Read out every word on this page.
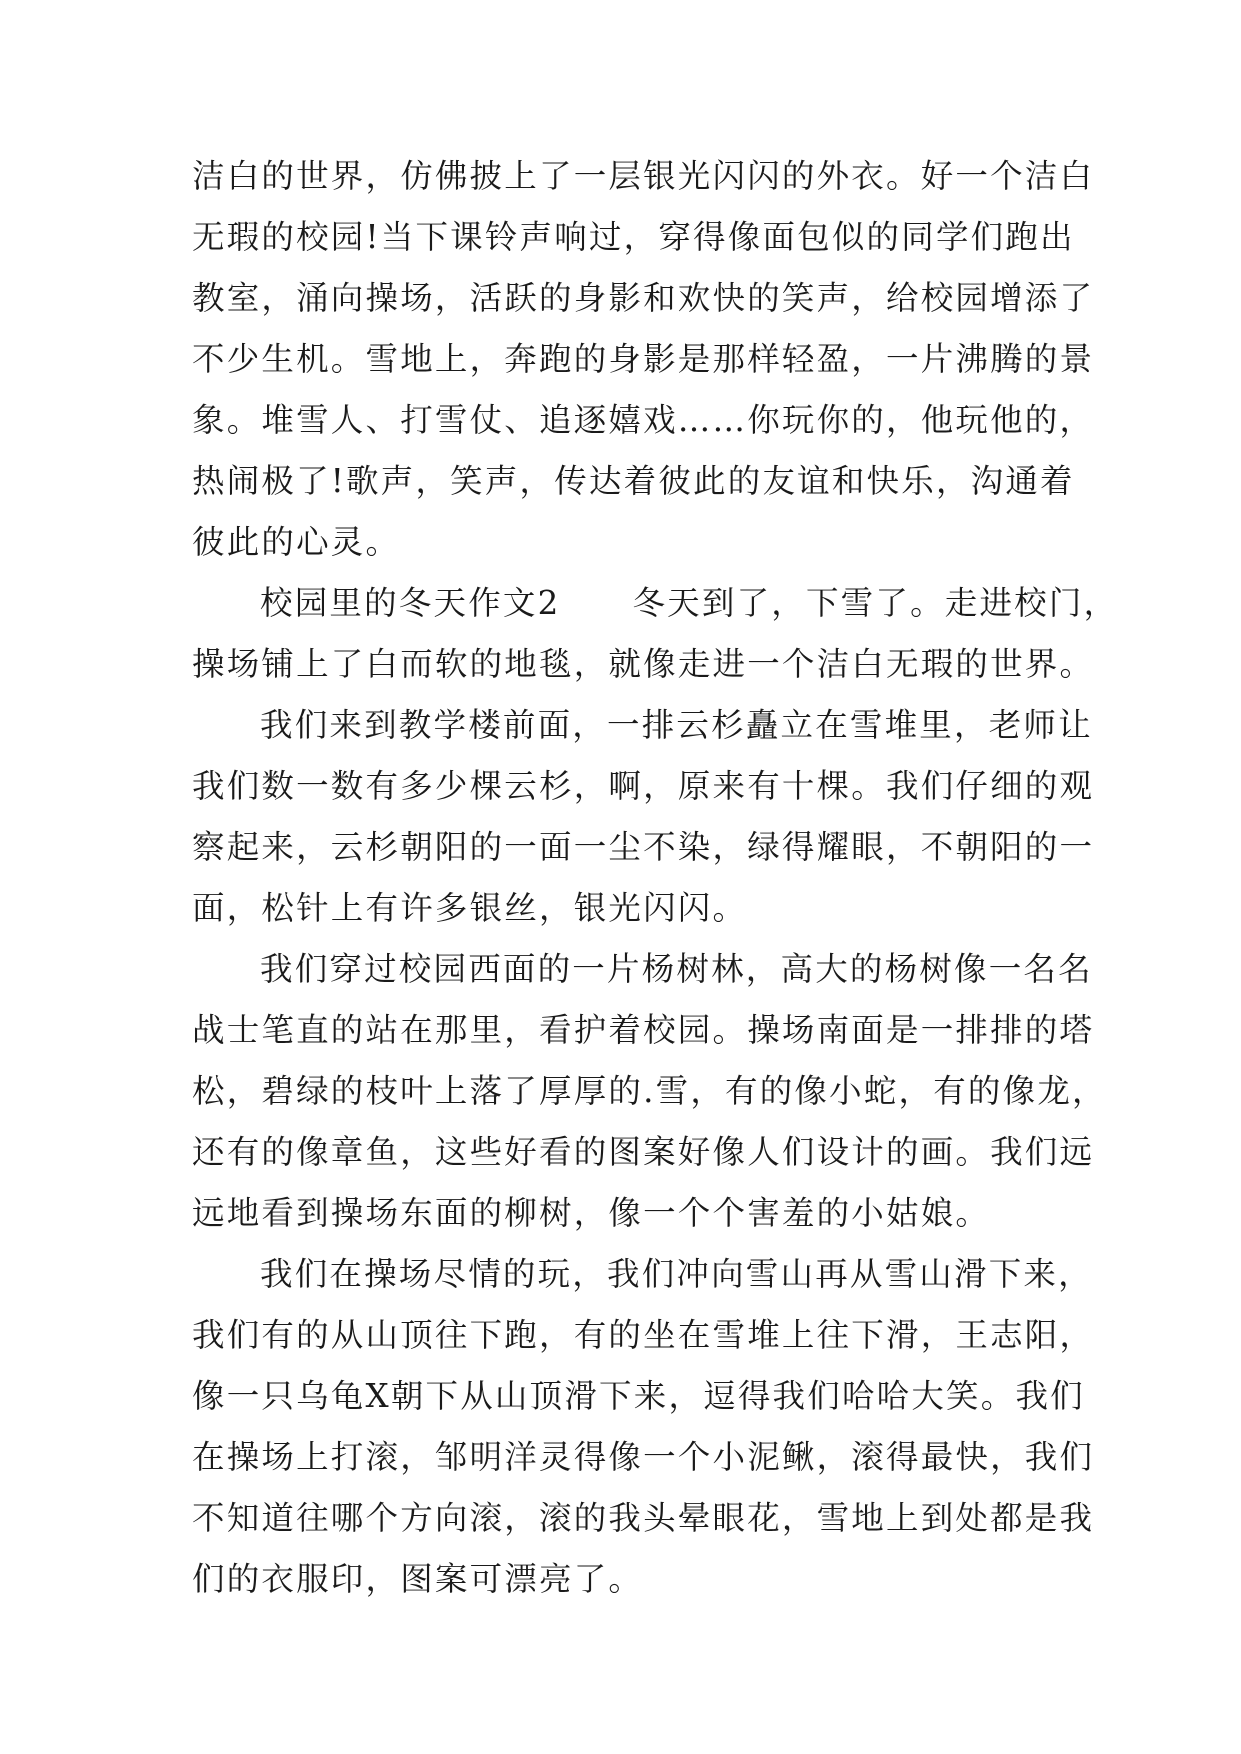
洁白的世界，仿佛披上了一层银光闪闪的外衣。好一个洁白
无瑕的校园!当下课铃声响过，穿得像面包似的同学们跑出
教室，涌向操场，活跃的身影和欢快的笑声，给校园增添了
不少生机。雪地上，奔跑的身影是那样轻盈，一片沸腾的景
象。堆雪人、打雪仗、追逐嬉戏……你玩你的，他玩他的，
热闹极了!歌声，笑声，传达着彼此的友谊和快乐，沟通着
彼此的心灵。

校园里的冬天作文2 冬天到了，下雪了。走进校门，
操场铺上了白而软的地毯，就像走进一个洁白无瑕的世界。

我们来到教学楼前面，一排云杉矗立在雪堆里，老师让
我们数一数有多少棵云杉，啊，原来有十棵。我们仔细的观
察起来，云杉朝阳的一面一尘不染，绿得耀眼，不朝阳的一
面，松针上有许多银丝，银光闪闪。

我们穿过校园西面的一片杨树林，高大的杨树像一名名
战士笔直的站在那里，看护着校园。操场南面是一排排的塔
松，碧绿的枝叶上落了厚厚的.雪，有的像小蛇，有的像龙，
还有的像章鱼，这些好看的图案好像人们设计的画。我们远
远地看到操场东面的柳树，像一个个害羞的小姑娘。

我们在操场尽情的玩，我们冲向雪山再从雪山滑下来，
我们有的从山顶往下跑，有的坐在雪堆上往下滑，王志阳，
像一只乌龟X朝下从山顶滑下来，逗得我们哈哈大笑。我们
在操场上打滚，邹明洋灵得像一个小泥鳅，滚得最快，我们
不知道往哪个方向滚，滚的我头晕眼花，雪地上到处都是我
们的衣服印，图案可漂亮了。
